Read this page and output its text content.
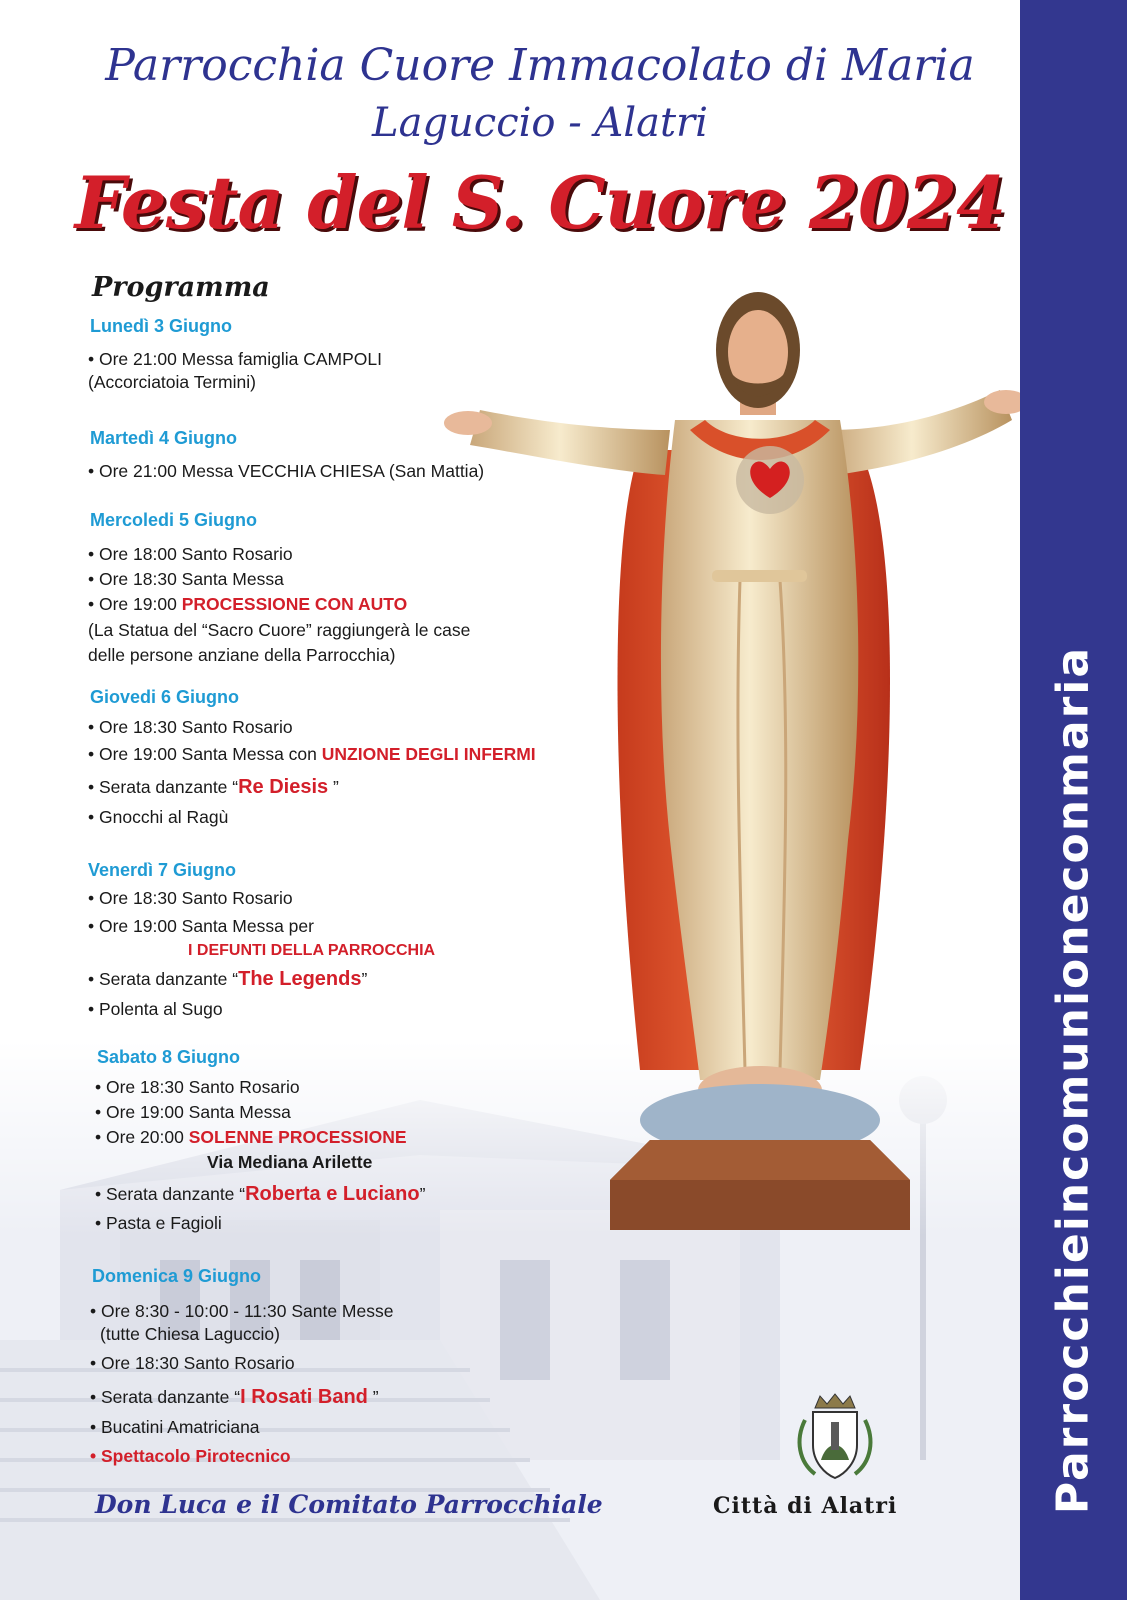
Parrocchieincomunioneconmaria
Parrocchia Cuore Immacolato di Maria
Laguccio - Alatri
Festa del S. Cuore 2024
Programma
Lunedì 3 Giugno
• Ore 21:00 Messa famiglia CAMPOLI
(Accorciatoia Termini)
Martedì 4 Giugno
• Ore 21:00 Messa VECCHIA CHIESA (San Mattia)
Mercoledi 5 Giugno
• Ore 18:00 Santo Rosario
• Ore 18:30 Santa Messa
• Ore 19:00 PROCESSIONE CON AUTO
(La Statua del “Sacro Cuore” raggiungerà le case
delle persone anziane della Parrocchia)
Giovedi 6 Giugno
• Ore 18:30 Santo Rosario
• Ore 19:00 Santa Messa con UNZIONE DEGLI INFERMI
• Serata danzante “Re Diesis ”
• Gnocchi al Ragù
Venerdì 7 Giugno
• Ore 18:30 Santo Rosario
• Ore 19:00 Santa Messa per
I DEFUNTI DELLA PARROCCHIA
• Serata danzante “The Legends”
• Polenta al Sugo
Sabato 8 Giugno
• Ore 18:30 Santo Rosario
• Ore 19:00 Santa Messa
• Ore 20:00 SOLENNE PROCESSIONE
Via Mediana Arilette
• Serata danzante “Roberta e Luciano”
• Pasta e Fagioli
Domenica 9 Giugno
• Ore 8:30 - 10:00 - 11:30 Sante Messe
(tutte Chiesa Laguccio)
• Ore 18:30 Santo Rosario
• Serata danzante “I Rosati Band ”
• Bucatini Amatriciana
• Spettacolo Pirotecnico
Don Luca e il Comitato Parrocchiale	Città di Alatri
